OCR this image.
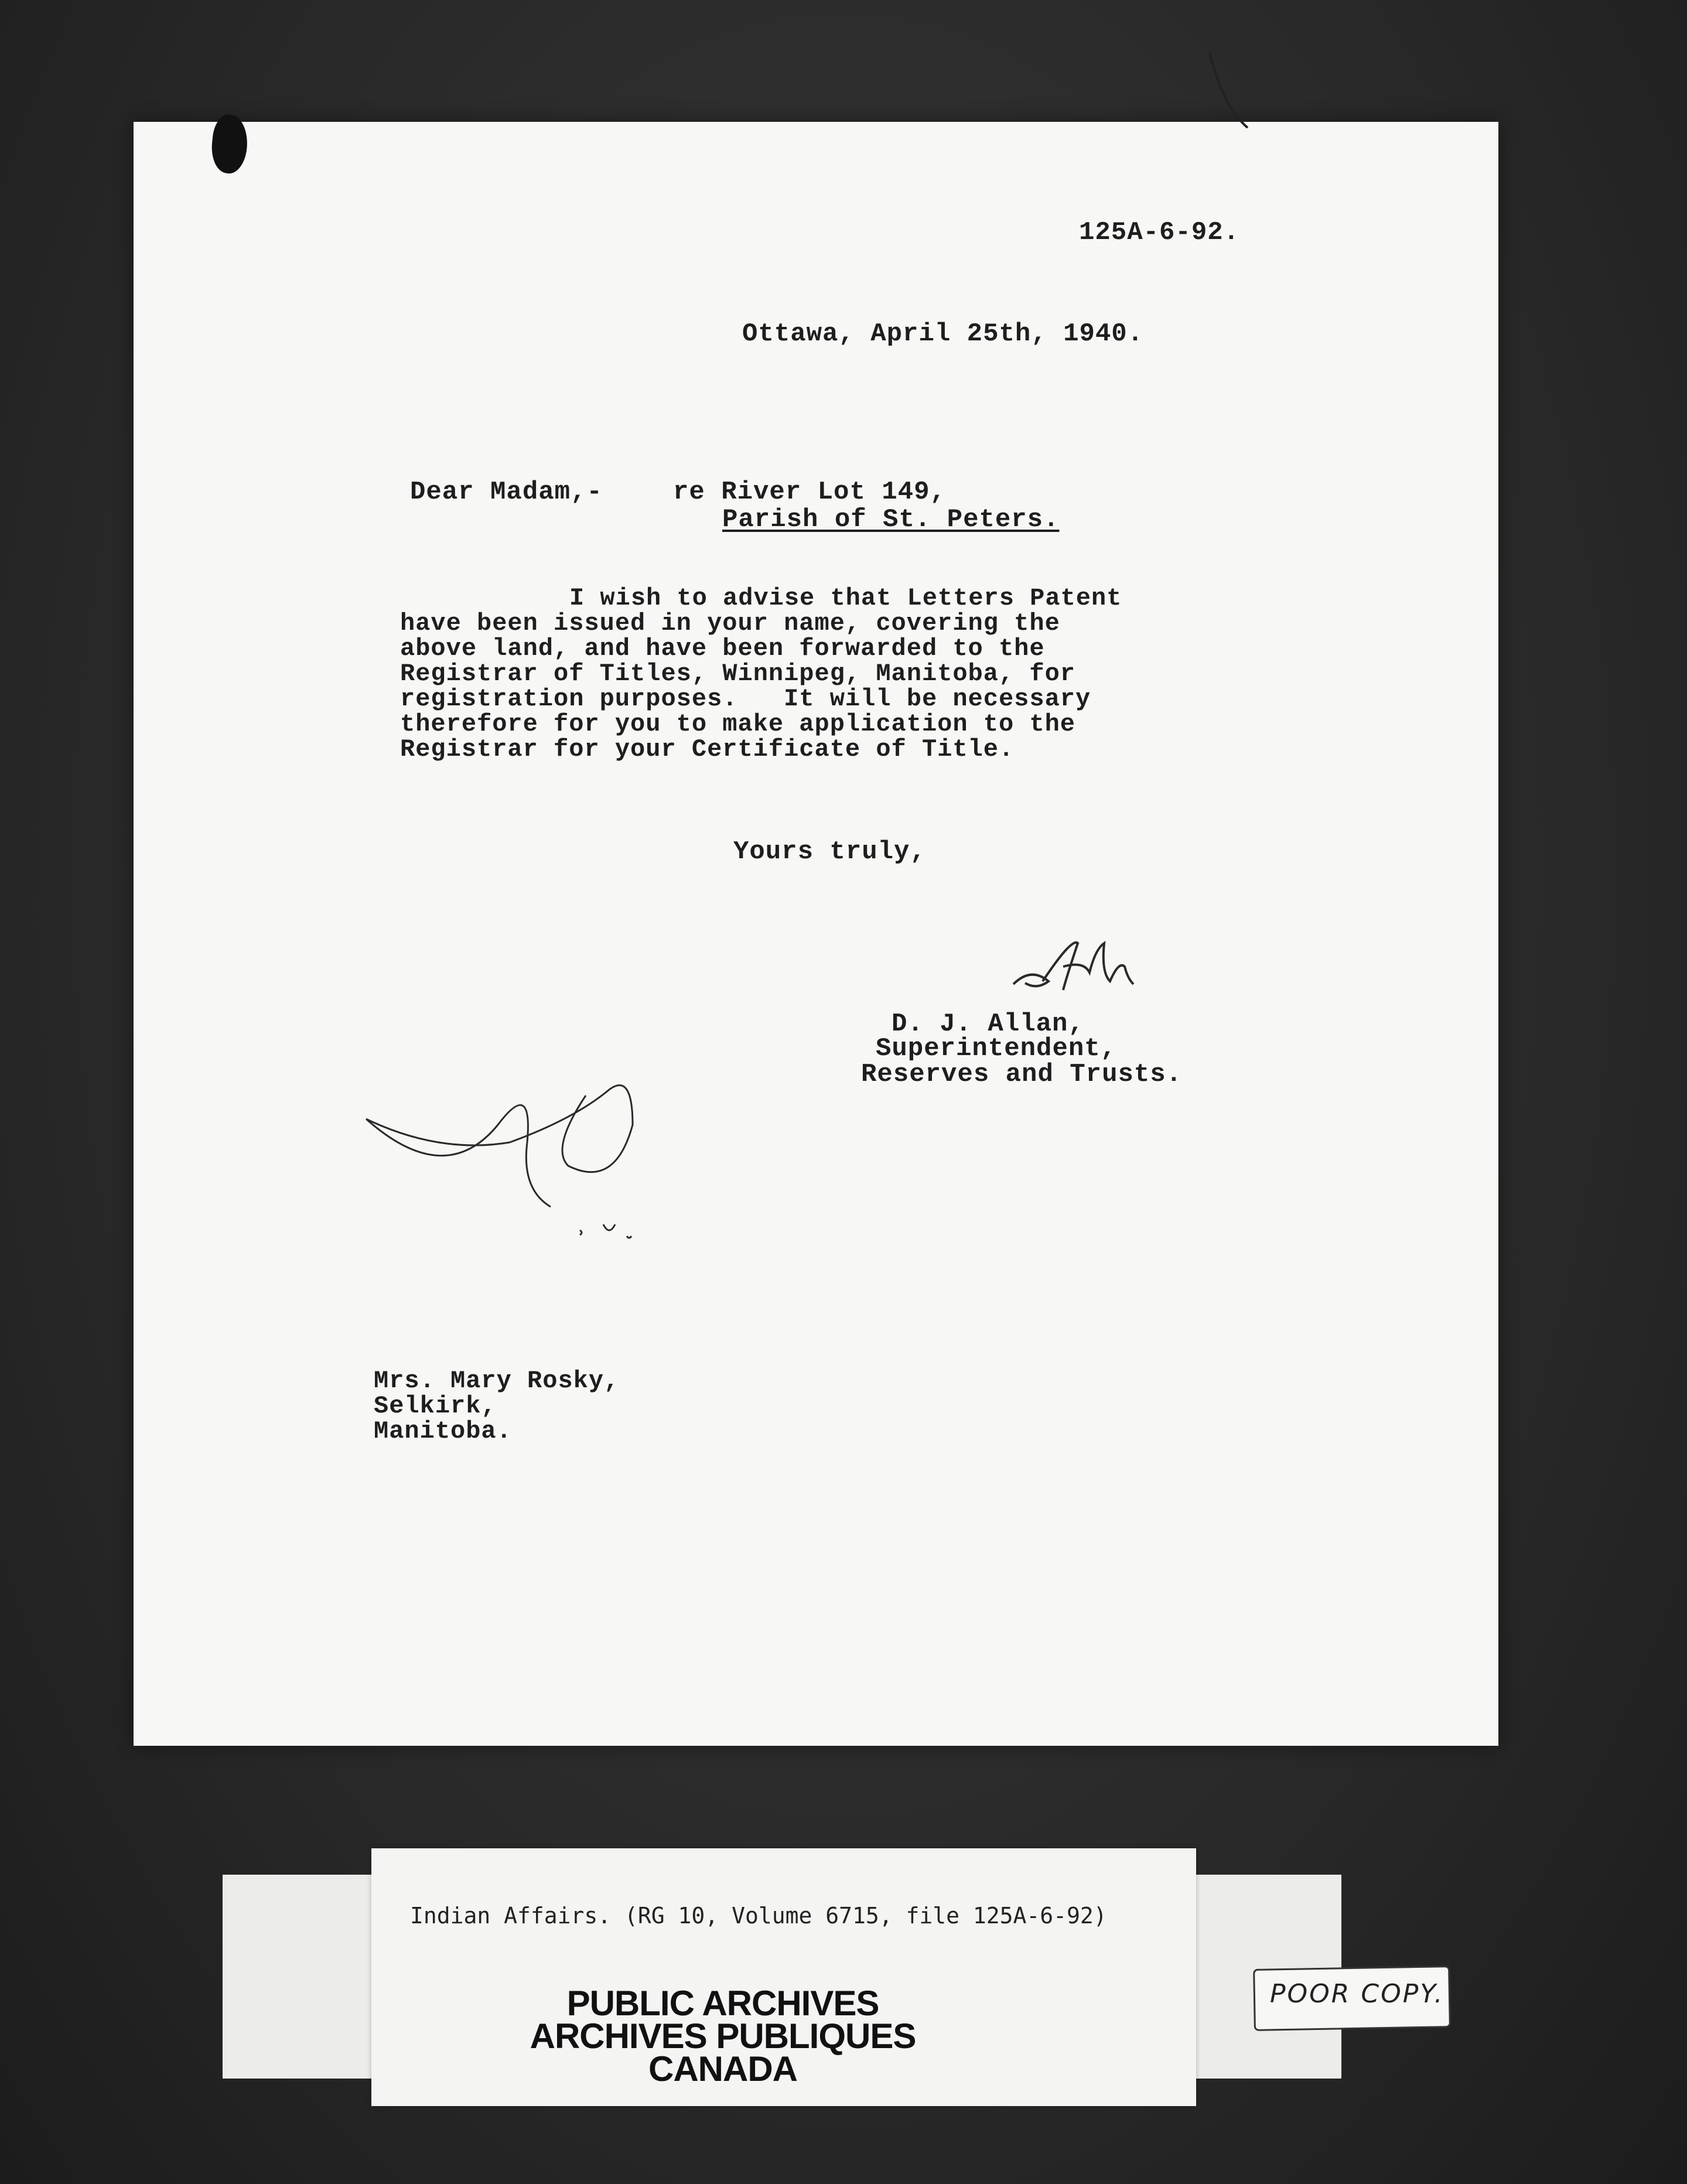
125A-6-92.
Ottawa, April 25th, 1940.
Dear Madam,-	re River Lot 149,
Parish of St. Peters.
I wish to advise that Letters Patent
have been issued in your name, covering the
above land, and have been forwarded to the
Registrar of Titles, Winnipeg, Manitoba, for
registration purposes.   It will be necessary
therefore for you to make application to the
Registrar for your Certificate of Title.
Yours truly,
D. J. Allan,
Superintendent,
Reserves and Trusts.
Mrs. Mary Rosky,
Selkirk,
Manitoba.
Indian Affairs. (RG 10, Volume 6715, file 125A-6-92)
PUBLIC ARCHIVES
ARCHIVES PUBLIQUES
CANADA
POOR COPY.
